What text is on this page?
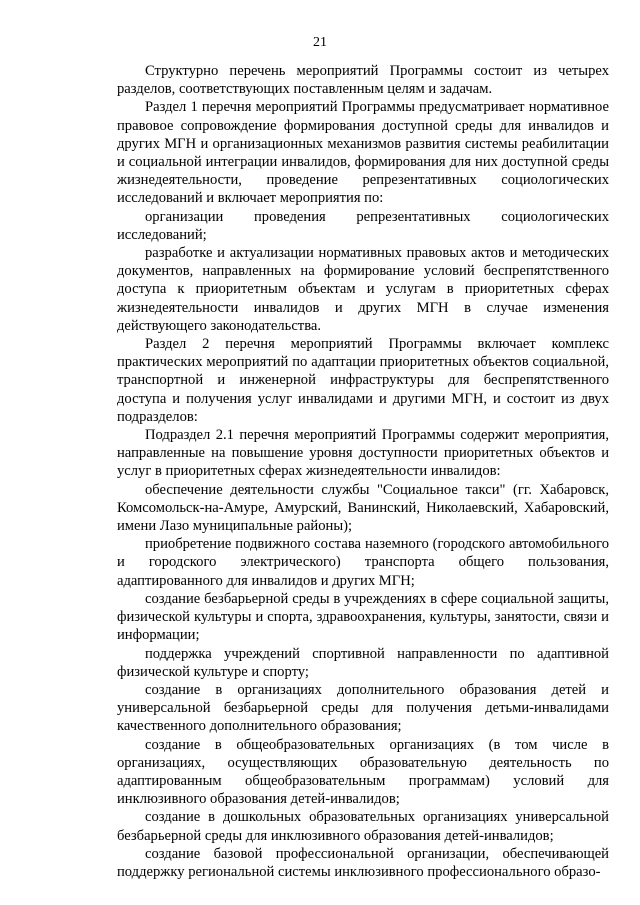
21

Структурно перечень мероприятий Программы состоит из четырех разделов, соответствующих поставленным целям и задачам.

Раздел 1 перечня мероприятий Программы предусматривает нормативное правовое сопровождение формирования доступной среды для инвалидов и других МГН и организационных механизмов развития системы реабилитации и социальной интеграции инвалидов, формирования для них доступной среды жизнедеятельности, проведение репрезентативных социологических исследований и включает мероприятия по:

организации проведения репрезентативных социологических исследований;

разработке и актуализации нормативных правовых актов и методических документов, направленных на формирование условий беспрепятственного доступа к приоритетным объектам и услугам в приоритетных сферах жизнедеятельности инвалидов и других МГН в случае изменения действующего законодательства.

Раздел 2 перечня мероприятий Программы включает комплекс практических мероприятий по адаптации приоритетных объектов социальной, транспортной и инженерной инфраструктуры для беспрепятственного доступа и получения услуг инвалидами и другими МГН, и состоит из двух подразделов:

Подраздел 2.1 перечня мероприятий Программы содержит мероприятия, направленные на повышение уровня доступности приоритетных объектов и услуг в приоритетных сферах жизнедеятельности инвалидов:

обеспечение деятельности службы "Социальное такси" (гг. Хабаровск, Комсомольск-на-Амуре, Амурский, Ванинский, Николаевский, Хабаровский, имени Лазо муниципальные районы);

приобретение подвижного состава наземного (городского автомобильного и городского электрического) транспорта общего пользования, адаптированного для инвалидов и других МГН;

создание безбарьерной среды в учреждениях в сфере социальной защиты, физической культуры и спорта, здравоохранения, культуры, занятости, связи и информации;

поддержка учреждений спортивной направленности по адаптивной физической культуре и спорту;

создание в организациях дополнительного образования детей и универсальной безбарьерной среды для получения детьми-инвалидами качественного дополнительного образования;

создание в общеобразовательных организациях (в том числе в организациях, осуществляющих образовательную деятельность по адаптированным общеобразовательным программам) условий для инклюзивного образования детей-инвалидов;

создание в дошкольных образовательных организациях универсальной безбарьерной среды для инклюзивного образования детей-инвалидов;

создание базовой профессиональной организации, обеспечивающей поддержку региональной системы инклюзивного профессионального образо-
